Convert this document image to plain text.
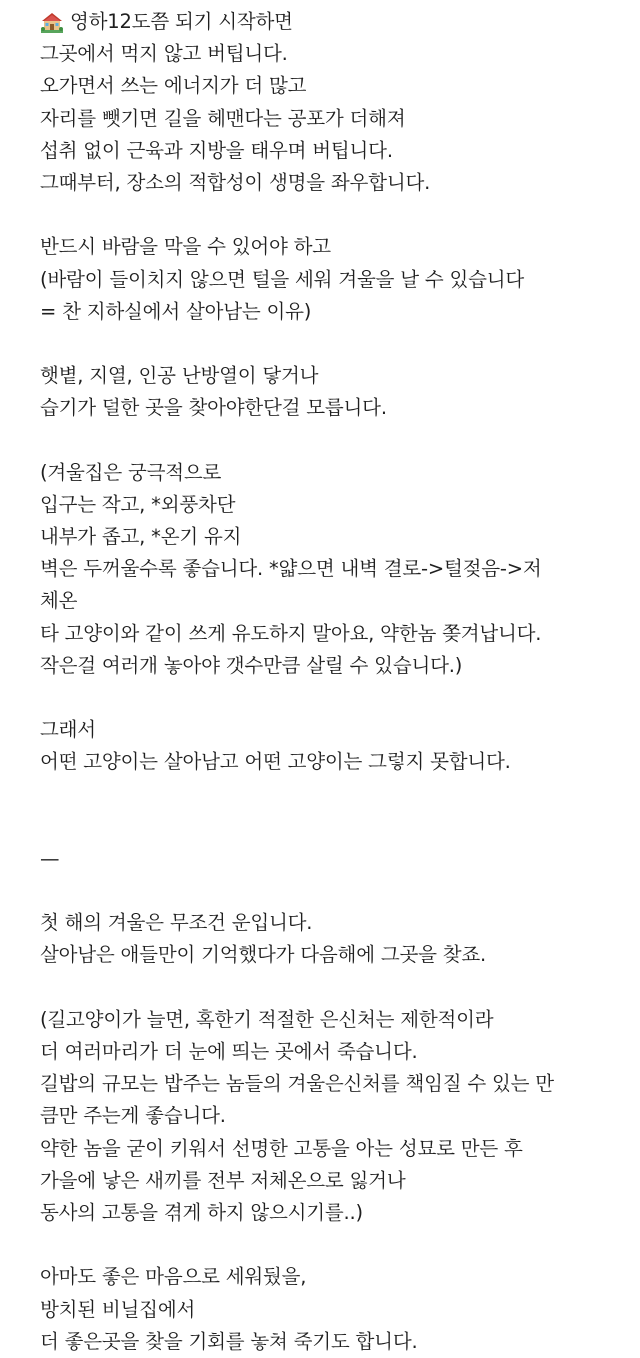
영하12도쯤 되기 시작하면
그곳에서 먹지 않고 버팁니다.
오가면서 쓰는 에너지가 더 많고
자리를 뺏기면 길을 헤맨다는 공포가 더해져
섭취 없이 근육과 지방을 태우며 버팁니다.
그때부터, 장소의 적합성이 생명을 좌우합니다.
반드시 바람을 막을 수 있어야 하고
(바람이 들이치지 않으면 털을 세워 겨울을 날 수 있습니다
= 찬 지하실에서 살아남는 이유)
햇볕, 지열, 인공 난방열이 닿거나
습기가 덜한 곳을 찾아야한단걸 모릅니다.
(겨울집은 궁극적으로
입구는 작고, *외풍차단
내부가 좁고, *온기 유지
벽은 두꺼울수록 좋습니다. *얇으면 내벽 결로->털젖음->저
체온
타 고양이와 같이 쓰게 유도하지 말아요, 약한놈 쫒겨납니다.
작은걸 여러개 놓아야 갯수만큼 살릴 수 있습니다.)
그래서
어떤 고양이는 살아남고 어떤 고양이는 그렇지 못합니다.
—
첫 해의 겨울은 무조건 운입니다.
살아남은 애들만이 기억했다가 다음해에 그곳을 찾죠.
(길고양이가 늘면, 혹한기 적절한 은신처는 제한적이라
더 여러마리가 더 눈에 띄는 곳에서 죽습니다.
길밥의 규모는 밥주는 놈들의 겨울은신처를 책임질 수 있는 만
큼만 주는게 좋습니다.
약한 놈을 굳이 키워서 선명한 고통을 아는 성묘로 만든 후
가을에 낳은 새끼를 전부 저체온으로 잃거나
동사의 고통을 겪게 하지 않으시기를..)
아마도 좋은 마음으로 세워뒀을,
방치된 비닐집에서
더 좋은곳을 찾을 기회를 놓쳐 죽기도 합니다.
